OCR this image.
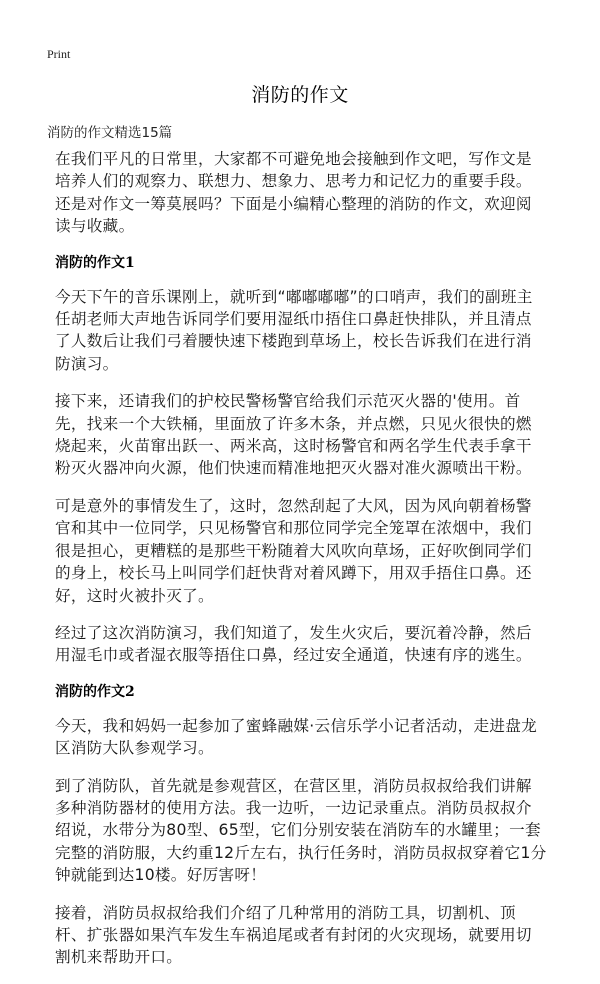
Print
消防的作文
消防的作文精选15篇

在我们平凡的日常里，大家都不可避免地会接触到作文吧，写作文是培养人们的观察力、联想力、想象力、思考力和记忆力的重要手段。还是对作文一筹莫展吗？下面是小编精心整理的消防的作文，欢迎阅读与收藏。

消防的作文1

今天下午的音乐课刚上，就听到“嘟嘟嘟嘟”的口哨声，我们的副班主任胡老师大声地告诉同学们要用湿纸巾捂住口鼻赶快排队，并且清点了人数后让我们弓着腰快速下楼跑到草场上，校长告诉我们在进行消防演习。

接下来，还请我们的护校民警杨警官给我们示范灭火器的'使用。首先，找来一个大铁桶，里面放了许多木条，并点燃，只见火很快的燃烧起来，火苗窜出跃一、两米高，这时杨警官和两名学生代表手拿干粉灭火器冲向火源，他们快速而精准地把灭火器对准火源喷出干粉。

可是意外的事情发生了，这时，忽然刮起了大风，因为风向朝着杨警官和其中一位同学，只见杨警官和那位同学完全笼罩在浓烟中，我们很是担心，更糟糕的是那些干粉随着大风吹向草场，正好吹倒同学们的身上，校长马上叫同学们赶快背对着风蹲下，用双手捂住口鼻。还好，这时火被扑灭了。

经过了这次消防演习，我们知道了，发生火灾后，要沉着冷静，然后用湿毛巾或者湿衣服等捂住口鼻，经过安全通道，快速有序的逃生。

消防的作文2

今天，我和妈妈一起参加了蜜蜂融媒·云信乐学小记者活动，走进盘龙区消防大队参观学习。

到了消防队，首先就是参观营区，在营区里，消防员叔叔给我们讲解多种消防器材的使用方法。我一边听，一边记录重点。消防员叔叔介绍说，水带分为80型、65型，它们分别安装在消防车的水罐里；一套完整的消防服，大约重12斤左右，执行任务时，消防员叔叔穿着它1分钟就能到达10楼。好厉害呀！

接着，消防员叔叔给我们介绍了几种常用的消防工具，切割机、顶杆、扩张器如果汽车发生车祸追尾或者有封闭的火灾现场，就要用切割机来帮助开口。
